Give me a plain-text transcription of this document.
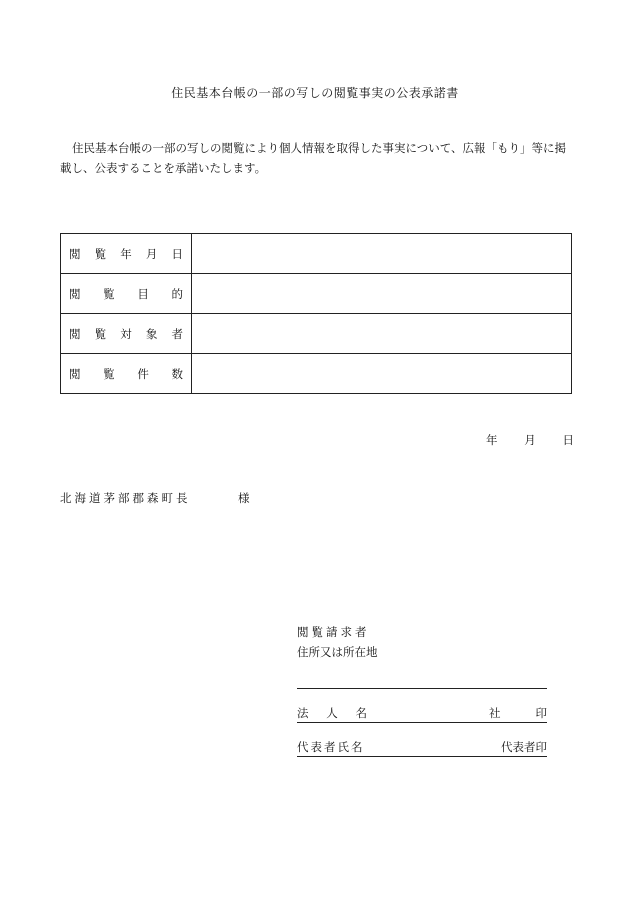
住民基本台帳の一部の写しの閲覧事実の公表承諾書
住民基本台帳の一部の写しの閲覧により個人情報を取得した事実について、広報「もり」等に掲載し、公表することを承諾いたします。
閲 覧 年 月 日	

閲 覧 目 的	

閲 覧 対 象 者	

閲 覧 件 数	

年 月 日
北海道茅部郡森町長	様
閲覧請求者
住所又は所在地
法 人 名	社	印
代表者氏名	代表者印
